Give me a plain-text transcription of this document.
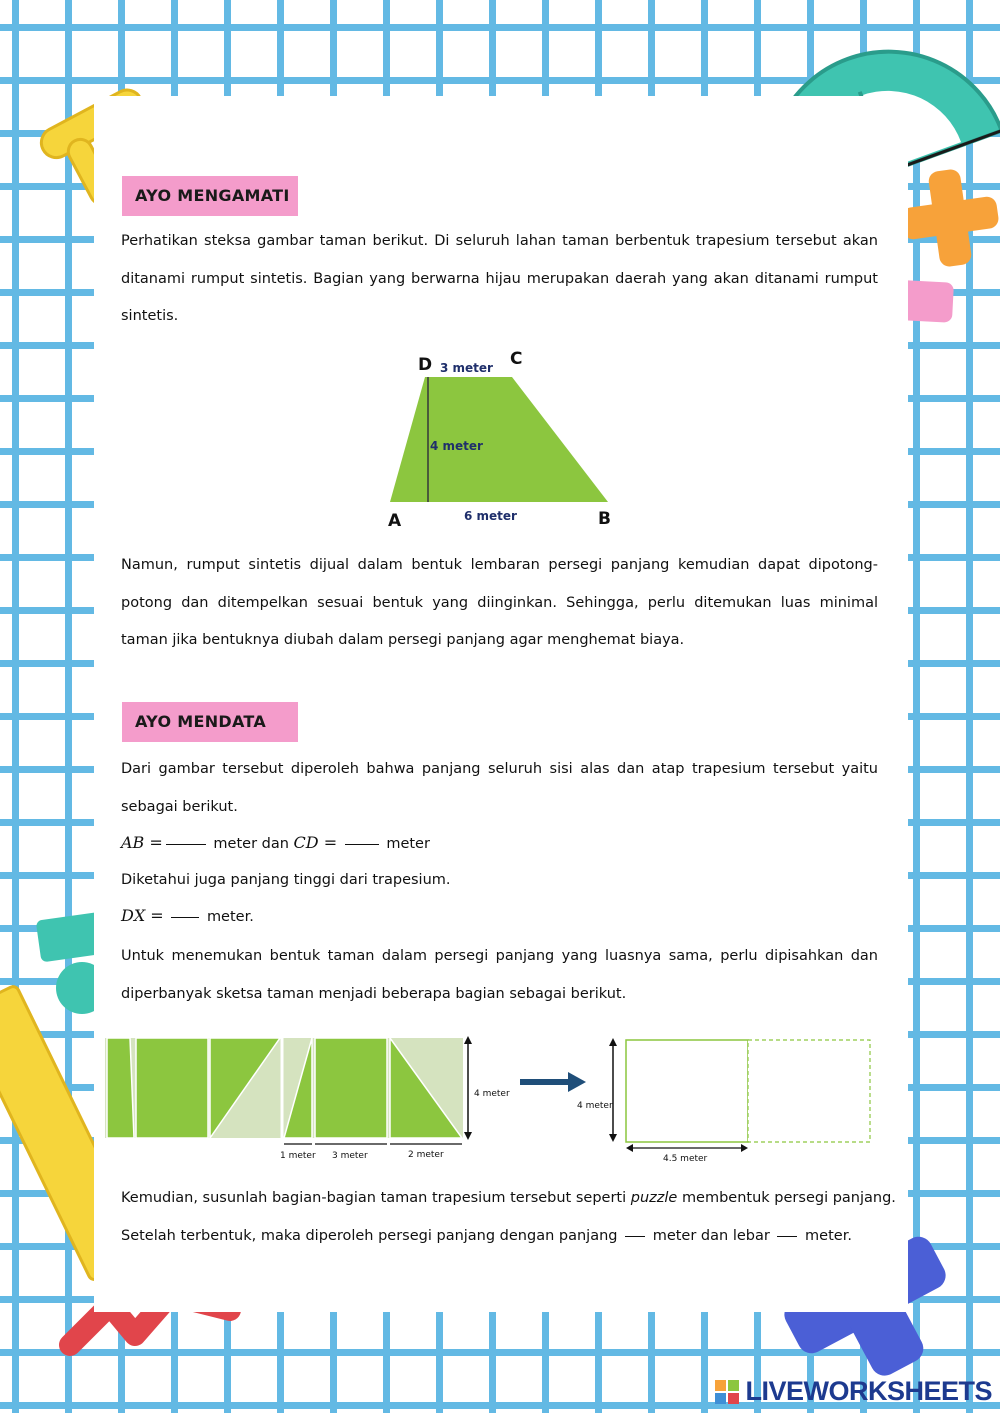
AYO MENGAMATI

Perhatikan steksa gambar taman berikut. Di seluruh lahan taman berbentuk trapesium tersebut akan ditanami rumput sintetis. Bagian yang berwarna hijau merupakan daerah yang akan ditanami rumput sintetis.

D	C
A	B
3 meter
4 meter
6 meter

Namun, rumput sintetis dijual dalam bentuk lembaran persegi panjang kemudian dapat dipotong-potong dan ditempelkan sesuai bentuk yang diinginkan. Sehingga, perlu ditemukan luas minimal taman jika bentuknya diubah dalam persegi panjang agar menghemat biaya.

AYO MENDATA

Dari gambar tersebut diperoleh bahwa panjang seluruh sisi alas dan atap trapesium tersebut yaitu sebagai berikut.

AB =	meter dan CD =	meter
Diketahui juga panjang tinggi dari trapesium.
DX =	meter.

Untuk menemukan bentuk taman dalam persegi panjang yang luasnya sama, perlu dipisahkan dan diperbanyak sketsa taman menjadi beberapa bagian sebagai berikut.

4 meter
1 meter 3 meter	2 meter
4 meter
4.5 meter
Kemudian, susunlah bagian-bagian taman trapesium tersebut seperti puzzle membentuk persegi panjang.
Setelah terbentuk, maka diperoleh persegi panjang dengan panjang meter dan lebar meter.
LIVEWORKSHEETS
